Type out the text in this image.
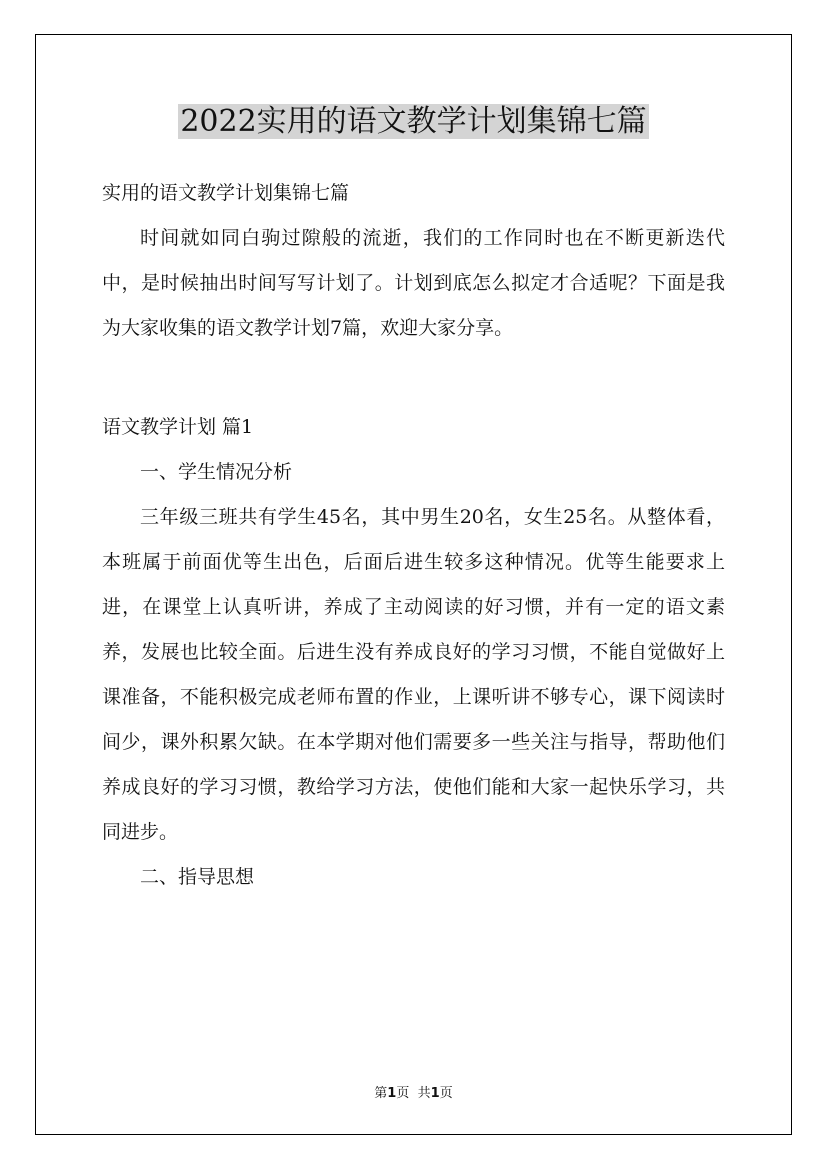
2022实用的语文教学计划集锦七篇

实用的语文教学计划集锦七篇

时间就如同白驹过隙般的流逝，我们的工作同时也在不断更新迭代中，是时候抽出时间写写计划了。计划到底怎么拟定才合适呢？下面是我为大家收集的语文教学计划7篇，欢迎大家分享。

语文教学计划 篇1

一、学生情况分析

三年级三班共有学生45名，其中男生20名，女生25名。从整体看，本班属于前面优等生出色，后面后进生较多这种情况。优等生能要求上进，在课堂上认真听讲，养成了主动阅读的好习惯，并有一定的语文素养，发展也比较全面。后进生没有养成良好的学习习惯，不能自觉做好上课准备，不能积极完成老师布置的作业，上课听讲不够专心，课下阅读时间少，课外积累欠缺。在本学期对他们需要多一些关注与指导，帮助他们养成良好的学习习惯，教给学习方法，使他们能和大家一起快乐学习，共同进步。

二、指导思想

第1页 共1页
